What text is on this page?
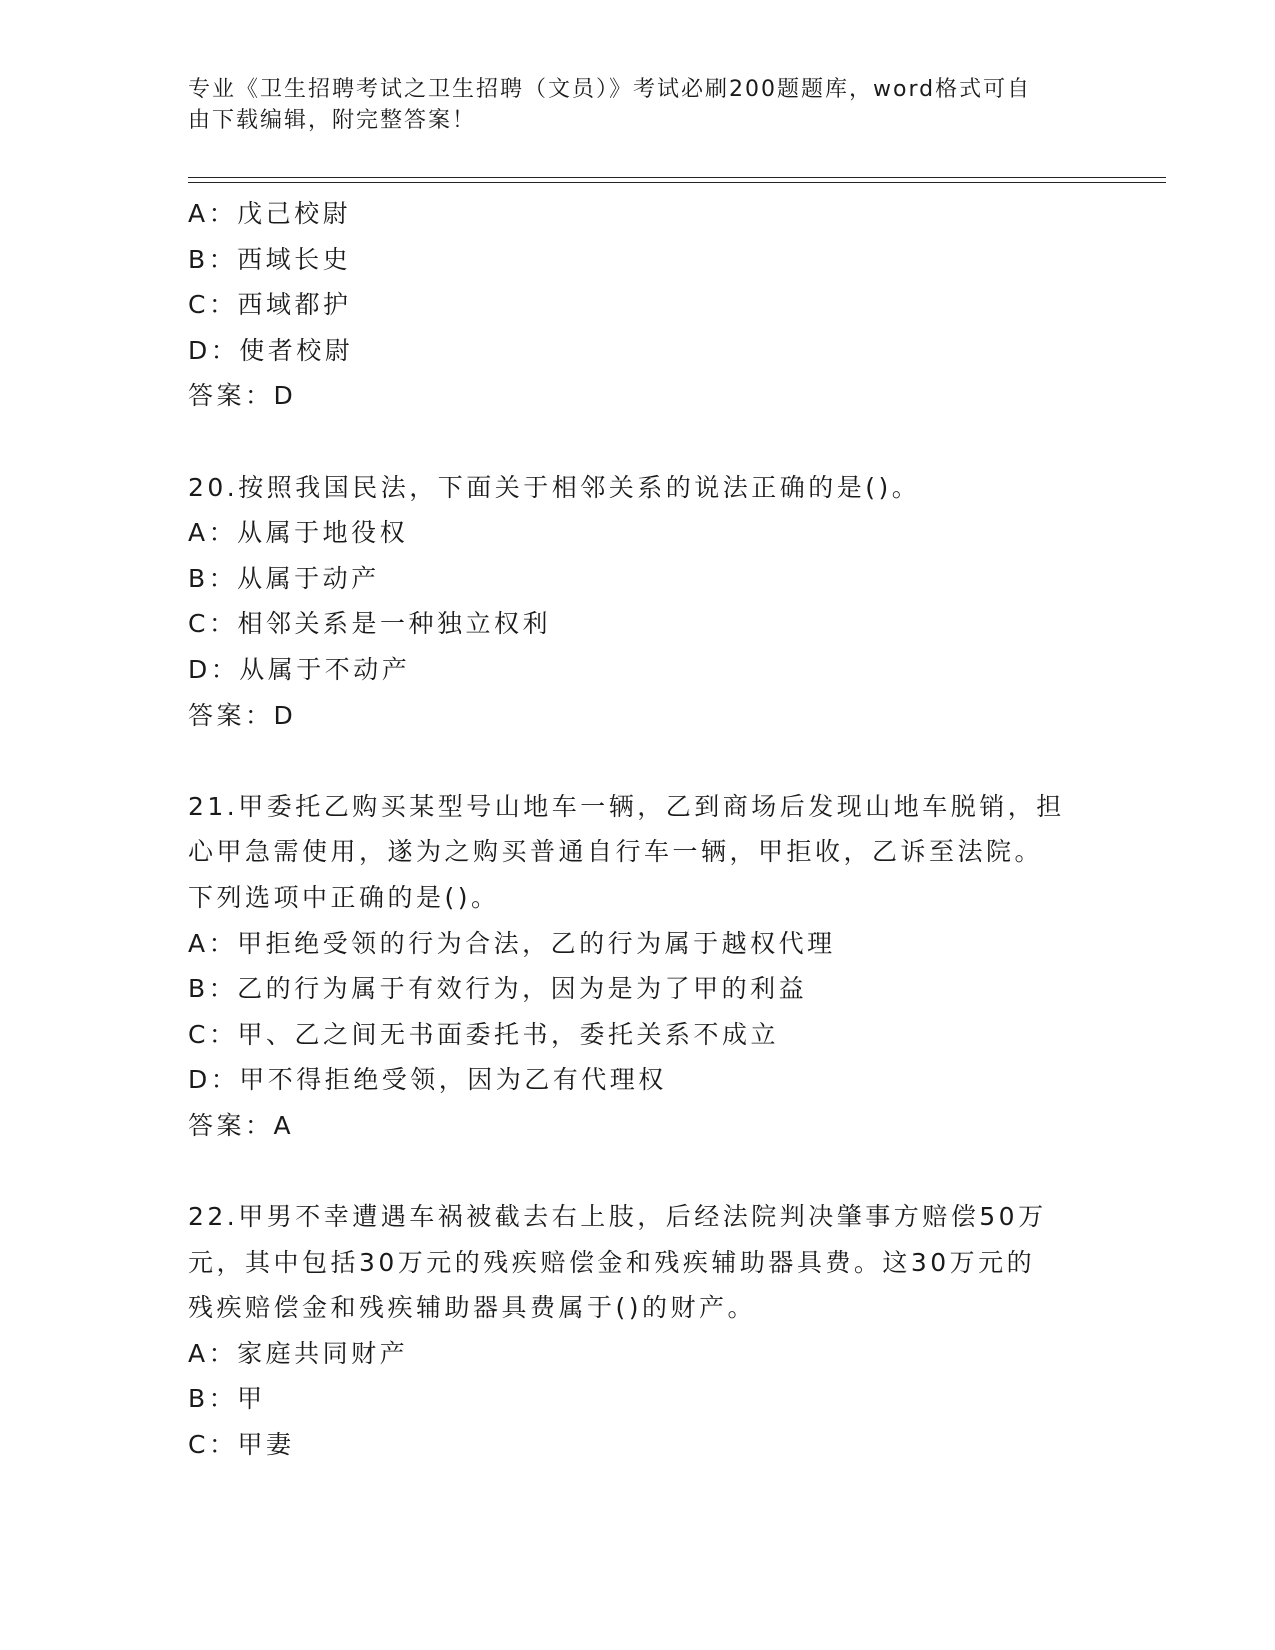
专业《卫生招聘考试之卫生招聘（文员）》考试必刷200题题库，word格式可自
由下载编辑，附完整答案！
A：戊己校尉
B：西域长史
C：西域都护
D：使者校尉
答案：D
20.按照我国民法，下面关于相邻关系的说法正确的是()。
A：从属于地役权
B：从属于动产
C：相邻关系是一种独立权利
D：从属于不动产
答案：D
21.甲委托乙购买某型号山地车一辆，乙到商场后发现山地车脱销，担
心甲急需使用，遂为之购买普通自行车一辆，甲拒收，乙诉至法院。
下列选项中正确的是()。
A：甲拒绝受领的行为合法，乙的行为属于越权代理
B：乙的行为属于有效行为，因为是为了甲的利益
C：甲、乙之间无书面委托书，委托关系不成立
D：甲不得拒绝受领，因为乙有代理权
答案：A
22.甲男不幸遭遇车祸被截去右上肢，后经法院判决肇事方赔偿50万
元，其中包括30万元的残疾赔偿金和残疾辅助器具费。这30万元的
残疾赔偿金和残疾辅助器具费属于()的财产。
A：家庭共同财产
B：甲
C：甲妻
